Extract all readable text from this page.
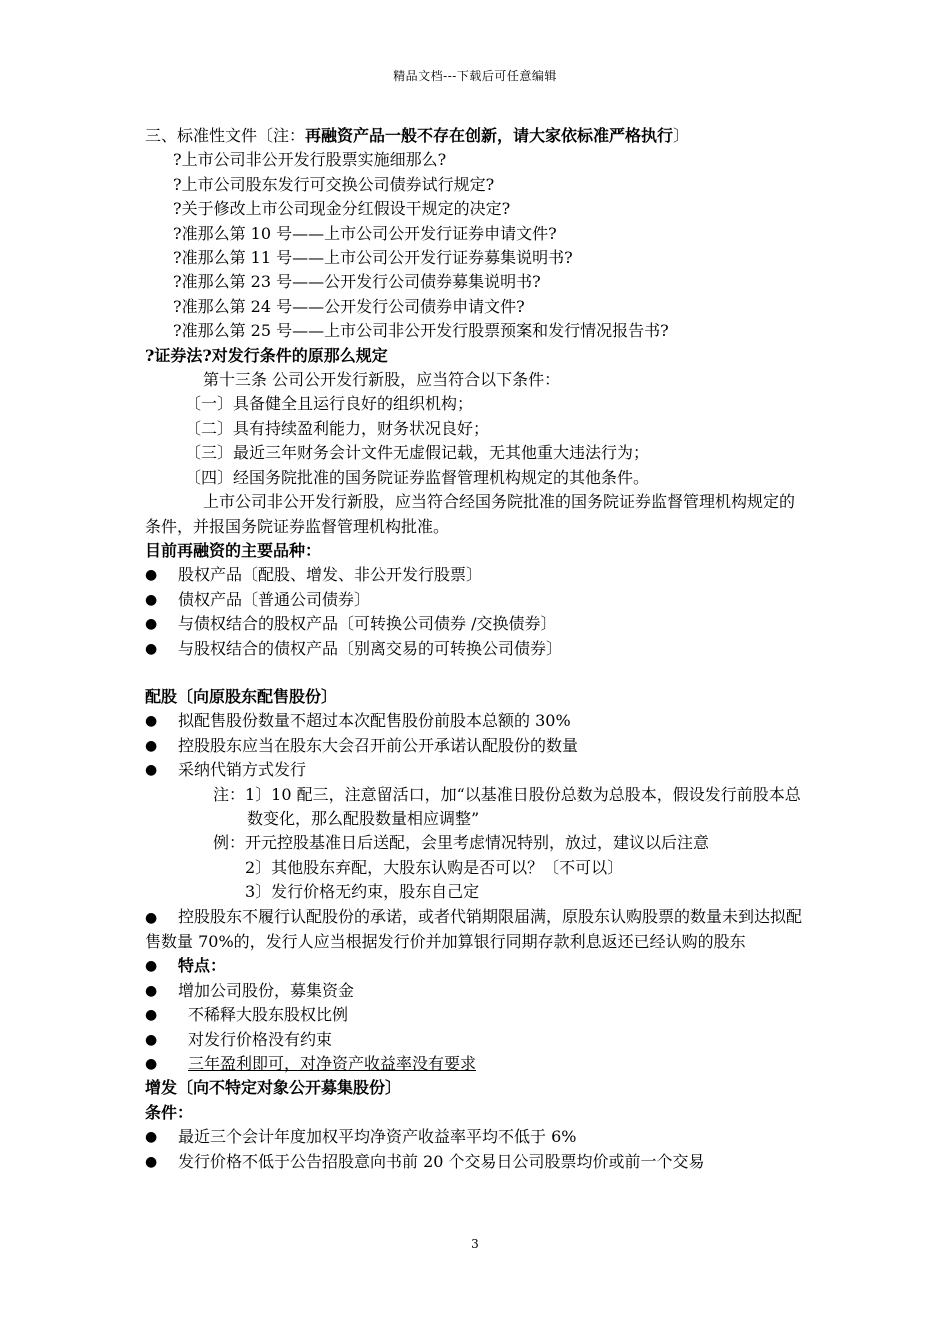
精品文档---下载后可任意编辑
三、标准性文件〔注：再融资产品一般不存在创新，请大家依标准严格执行〕
?上市公司非公开发行股票实施细那么?
?上市公司股东发行可交换公司债券试行规定?
?关于修改上市公司现金分红假设干规定的决定?
?准那么第 10 号——上市公司公开发行证券申请文件?
?准那么第 11 号——上市公司公开发行证券募集说明书?
?准那么第 23 号——公开发行公司债券募集说明书?
?准那么第 24 号——公开发行公司债券申请文件?
?准那么第 25 号——上市公司非公开发行股票预案和发行情况报告书?
?证券法?对发行条件的原那么规定
第十三条 公司公开发行新股，应当符合以下条件：
〔一〕具备健全且运行良好的组织机构；
〔二〕具有持续盈利能力，财务状况良好；
〔三〕最近三年财务会计文件无虚假记载，无其他重大违法行为；
〔四〕经国务院批准的国务院证券监督管理机构规定的其他条件。
上市公司非公开发行新股，应当符合经国务院批准的国务院证券监督管理机构规定的条件，并报国务院证券监督管理机构批准。
目前再融资的主要品种：
●	股权产品〔配股、增发、非公开发行股票〕
●	债权产品〔普通公司债券〕
●	与债权结合的股权产品〔可转换公司债券 /交换债券〕
●	与股权结合的债权产品〔别离交易的可转换公司债券〕
配股〔向原股东配售股份〕
●	拟配售股份数量不超过本次配售股份前股本总额的 30%
●	控股股东应当在股东大会召开前公开承诺认配股份的数量
●	采纳代销方式发行
注：1〕10 配三，注意留活口，加“以基准日股份总数为总股本，假设发行前股本总数变化，那么配股数量相应调整”
例：开元控股基准日后送配，会里考虑情况特别，放过，建议以后注意
2〕其他股东弃配，大股东认购是否可以？〔不可以〕
3〕发行价格无约束，股东自己定
● 控股股东不履行认配股份的承诺，或者代销期限届满，原股东认购股票的数量未到达拟配售数量 70%的，发行人应当根据发行价并加算银行同期存款利息返还已经认购的股东
●	特点：
●	增加公司股份，募集资金
●	不稀释大股东股权比例
●	对发行价格没有约束
●	三年盈利即可，对净资产收益率没有要求
增发〔向不特定对象公开募集股份〕
条件：
●	最近三个会计年度加权平均净资产收益率平均不低于 6%
●	发行价格不低于公告招股意向书前 20 个交易日公司股票均价或前一个交易
3
